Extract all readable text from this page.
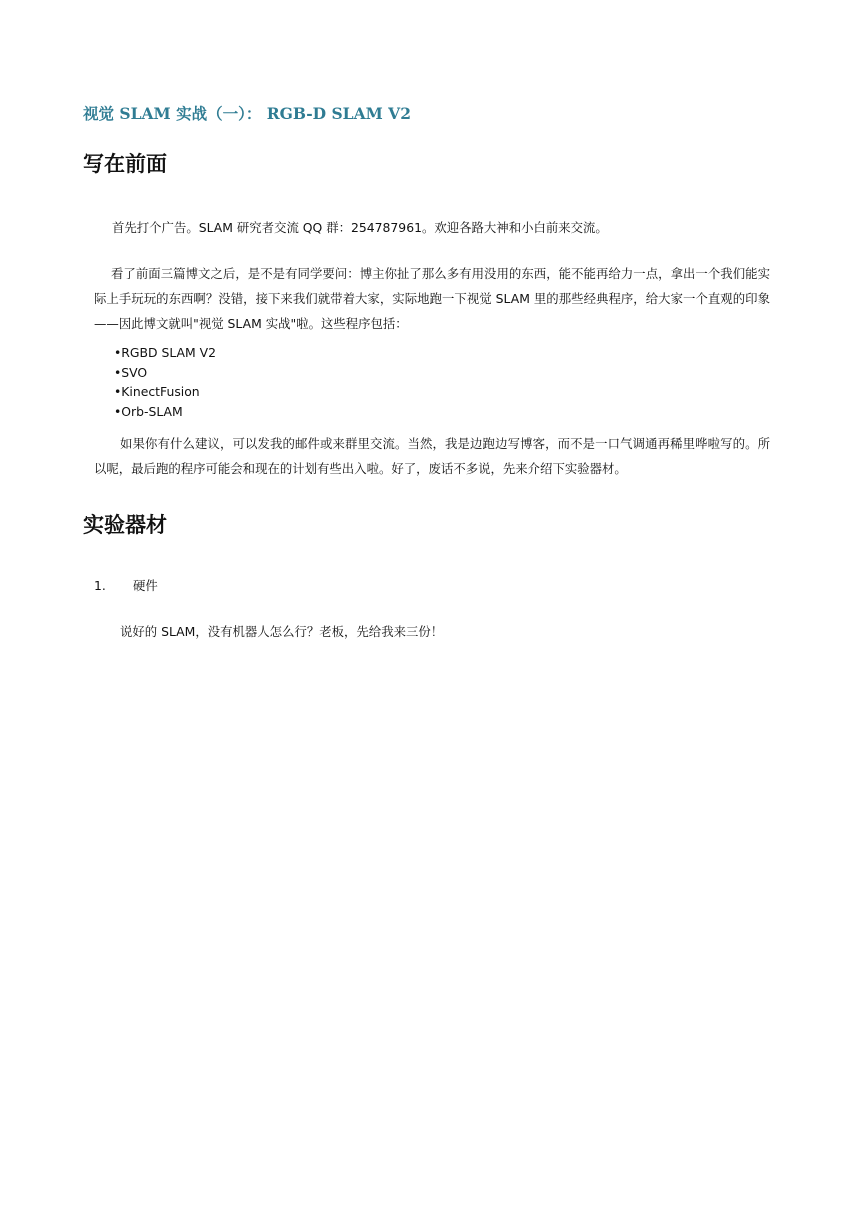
视觉 SLAM 实战（一）： RGB-D SLAM V2
写在前面
首先打个广告。SLAM 研究者交流 QQ 群：254787961。欢迎各路大神和小白前来交流。
看了前面三篇博文之后，是不是有同学要问：博主你扯了那么多有用没用的东西，能不能再给力一点，拿出一个我们能实际上手玩玩的东西啊？没错，接下来我们就带着大家，实际地跑一下视觉 SLAM 里的那些经典程序，给大家一个直观的印象——因此博文就叫"视觉 SLAM 实战"啦。这些程序包括：
•RGBD SLAM V2
•SVO
•KinectFusion
•Orb-SLAM
如果你有什么建议，可以发我的邮件或来群里交流。当然，我是边跑边写博客，而不是一口气调通再稀里哗啦写的。所以呢，最后跑的程序可能会和现在的计划有些出入啦。好了，废话不多说，先来介绍下实验器材。
实验器材
1. 硬件
说好的 SLAM，没有机器人怎么行？老板，先给我来三份！
